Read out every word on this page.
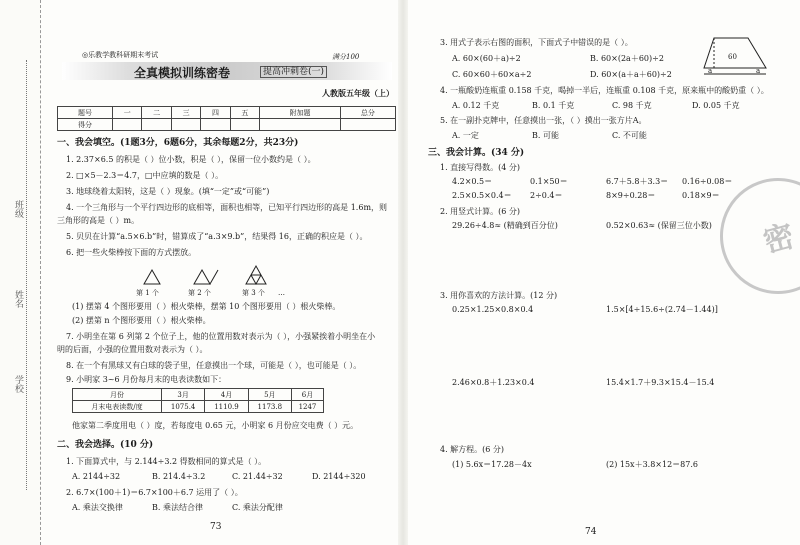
班级
姓名
学校
◎乐教学教科研期末考试	满分100
全真模拟训练密卷	提高冲刺卷(一)
人教版五年级（上）
题号	一	二	三	四	五	附加题	总分
得分							
一、我会填空。(1题3分，6题6分，其余每题2分，共23分)
1. 2.37×6.5 的积是（ ）位小数，积是（ ），保留一位小数约是（ ）。
2. □×5－2.3＝4.7，□中应填的数是（ ）。
3. 地球绕着太阳转，这是（ ）现象。(填“一定”或“可能”)
4. 一个三角形与一个平行四边形的底相等，面积也相等，已知平行四边形的高是 1.6m，则
三角形的高是（ ）m。
5. 贝贝在计算“a.5×6.b”时，错算成了“a.3×9.b”，结果得 16，正确的积应是（ ）。
6. 把一些火柴棒按下面的方式摆放。
第 1 个	第 2 个	第 3 个 …
(1) 摆第 4 个图形要用（ ）根火柴棒，摆第 10 个图形要用（ ）根火柴棒。
(2) 摆第 n 个图形要用（ ）根火柴棒。
7. 小明坐在第 6 列第 2 个位子上，他的位置用数对表示为（ ），小强紧挨着小明坐在小
明的后面，小强的位置用数对表示为（ ）。
8. 在一个有黑球又有白球的袋子里，任意摸出一个球，可能是（ ），也可能是（ ）。
9. 小明家 3~6 月份每月末的电表读数如下：
月份	3月	4月	5月	6月
月末电表读数/度	1075.4	1110.9	1173.8	1247
他家第二季度用电（ ）度，若每度电 0.65 元，小明家 6 月份应交电费（ ）元。
二、我会选择。(10 分)
1. 下面算式中，与 2.144÷3.2 得数相同的算式是（ ）。
A. 2144÷32	B. 214.4÷3.2	C. 21.44÷32	D. 2144÷320
2. 6.7×(100＋1)＝6.7×100＋6.7 运用了（ ）。
A. 乘法交换律	B. 乘法结合律	C. 乘法分配律
73
3. 用式子表示右图的面积，下面式子中错误的是（ ）。
60
a	a
A. 60×(60＋a)÷2	B. 60×(2a＋60)÷2
C. 60×60＋60×a÷2	D. 60×(a＋a＋60)÷2
4. 一瓶酸奶连瓶重 0.158 千克，喝掉一半后，连瓶重 0.108 千克，原来瓶中的酸奶重（ ）。
A. 0.12 千克	B. 0.1 千克	C. 98 千克	D. 0.05 千克
5. 在一副扑克牌中，任意摸出一张，（ ）摸出一张方片A。
A. 一定	B. 可能	C. 不可能
三、我会计算。(34 分)
1. 直接写得数。(4 分)
4.2×0.5＝	0.1×50＝	6.7＋5.8＋3.3＝ 0.16÷0.08＝
2.5×0.5×0.4＝ 2÷0.4＝	8×9÷0.28＝	0.18×9＝
2. 用竖式计算。(6 分)
29.26÷4.8≈ (精确到百分位)	0.52×0.63≈ (保留三位小数)	密
3. 用你喜欢的方法计算。(12 分)
0.25×1.25×0.8×0.4	1.5×[4÷15.6÷(2.74－1.44)]
2.46×0.8＋1.23×0.4	15.4×1.7＋9.3×15.4－15.4
4. 解方程。(6 分)
(1) 5.6x＝17.28－4x	(2) 15x＋3.8×12＝87.6
74
